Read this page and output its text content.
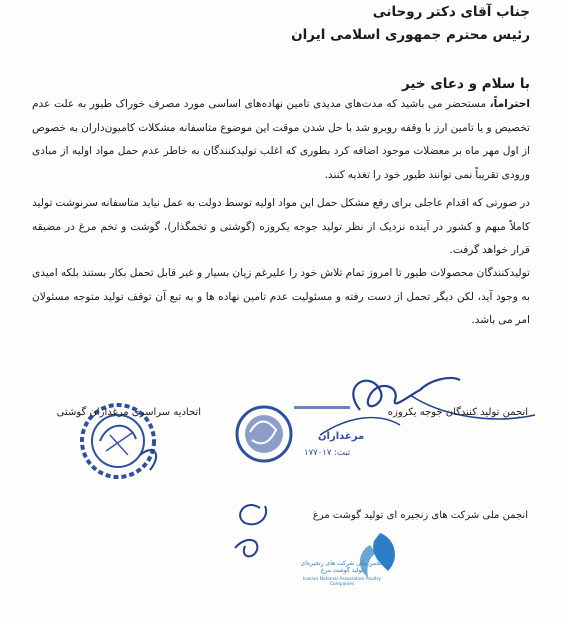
جناب آقای دکتر روحانی
رئیس محترم جمهوری اسلامی ایران
با سلام و دعای خیر
احتراماً، مستحضر می باشید که مدت‌های مدیدی تامین نهاده‌های اساسی مورد مصرف خوراک طیور به علت عدم تخصیص و یا تامین ارز با وقفه روبرو شد با حل شدن موقت این موضوع متاسفانه مشکلات کامیون‌داران به خصوص از اول مهر ماه بر معضلات موجود اضافه کرد بطوری که اغلب تولیدکنندگان به خاطر عدم حمل مواد اولیه از مبادی ورودی تقریباً نمی توانند طیور خود را تغذیه کنند.
در صورتی که اقدام عاجلی برای رفع مشکل حمل این مواد اولیه توسط دولت به عمل نیاید متاسفانه سرنوشت تولید کاملاً مبهم و کشور در آینده نزدیک از نظر تولید جوجه یکروزه (گوشتی و تخمگذار)، گوشت و تخم مرغ در مضیقه قرار خواهد گرفت.
تولیدکنندگان محصولات طیور تا امروز تمام تلاش خود را علیرغم زیان بسیار و غیر قابل تحمل بکار بستند بلکه امیدی به وجود آید، لکن دیگر تحمل از دست رفته و مسئولیت عدم تامین نهاده ها و به تبع آن توقف تولید متوجه مسئولان امر می باشد.
انجمن تولید کنندگان جوجه یکروزه
مرغداران
ثبت: ۱۷۷۰۱۷
اتحادیه سراسری مرغداران گوشتی
انجمن ملی شرکت های زنجیره ای تولید گوشت مرغ
انجمن ملی شرکت های زنجیره‌ای تولید گوشت مرغ
Iranian National Association Poultry Companies
